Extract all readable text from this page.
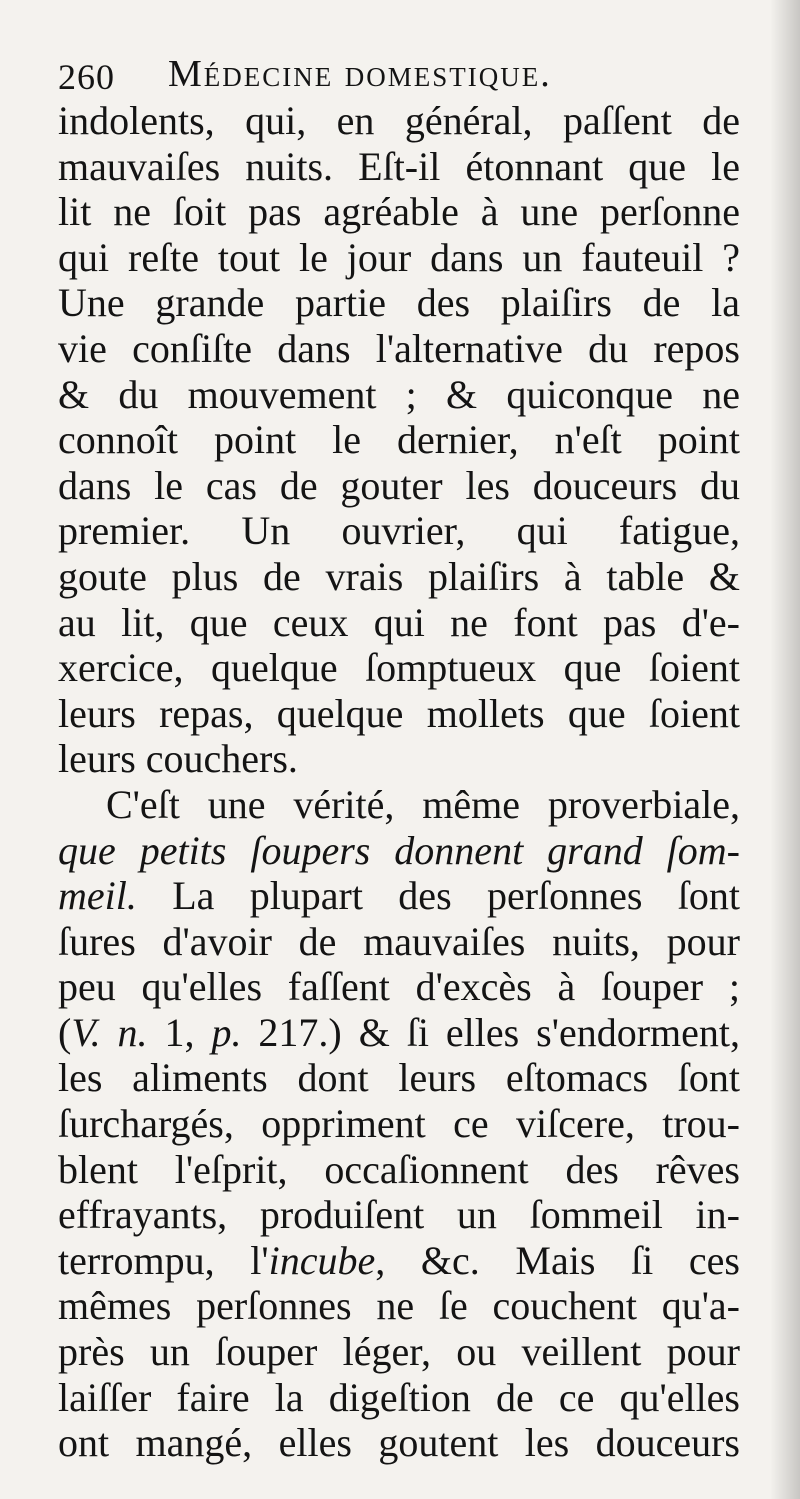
260 Médecine domestique.
indolents, qui, en général, paſſent de
mauvaiſes nuits. Eſt-il étonnant que le
lit ne ſoit pas agréable à une perſonne
qui reſte tout le jour dans un fauteuil ?
Une grande partie des plaiſirs de la
vie conſiſte dans l'alternative du repos
& du mouvement ; & quiconque ne
connoît point le dernier, n'eſt point
dans le cas de gouter les douceurs du
premier. Un ouvrier, qui fatigue,
goute plus de vrais plaiſirs à table &
au lit, que ceux qui ne font pas d'e-
xercice, quelque ſomptueux que ſoient
leurs repas, quelque mollets que ſoient
leurs couchers.
C'eſt une vérité, même proverbiale,
que petits ſoupers donnent grand ſom-
meil. La plupart des perſonnes ſont
ſures d'avoir de mauvaiſes nuits, pour
peu qu'elles faſſent d'excès à ſouper ;
(V. n. 1, p. 217.) & ſi elles s'endorment,
les aliments dont leurs eſtomacs ſont
ſurchargés, oppriment ce viſcere, trou-
blent l'eſprit, occaſionnent des rêves
effrayants, produiſent un ſommeil in-
terrompu, l'incube, &c. Mais ſi ces
mêmes perſonnes ne ſe couchent qu'a-
près un ſouper léger, ou veillent pour
laiſſer faire la digeſtion de ce qu'elles
ont mangé, elles goutent les douceurs
